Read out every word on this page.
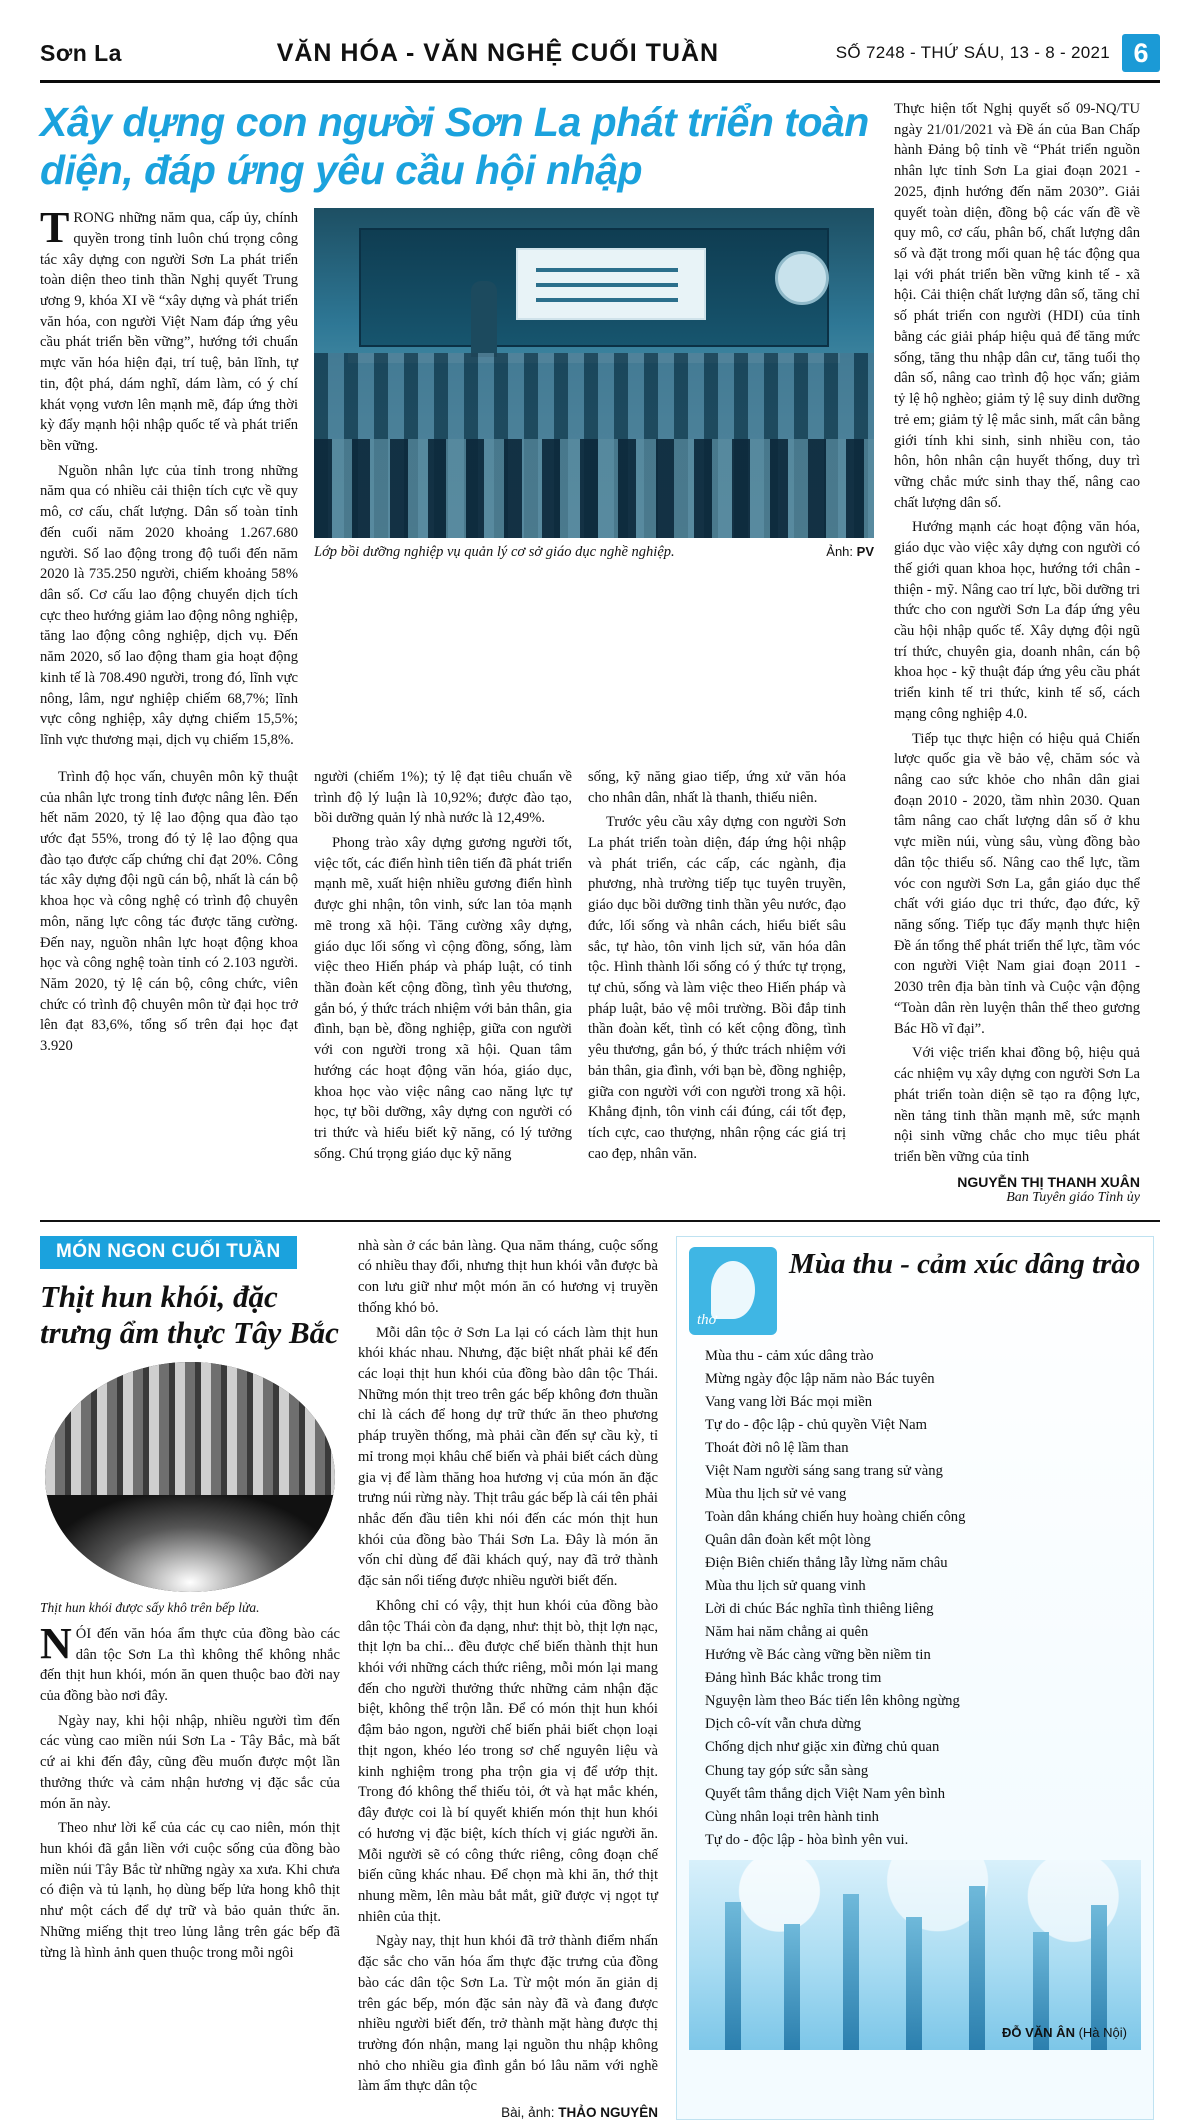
Sơn La	VĂN HÓA - VĂN NGHỆ CUỐI TUẦN	SỐ 7248 - THỨ SÁU, 13 - 8 - 2021 6
Xây dựng con người Sơn La phát triển toàn diện, đáp ứng yêu cầu hội nhập

TRONG những năm qua, cấp ủy, chính quyền trong tỉnh luôn chú trọng công tác xây dựng con người Sơn La phát triển toàn diện theo tinh thần Nghị quyết Trung ương 9, khóa XI về “xây dựng và phát triển văn hóa, con người Việt Nam đáp ứng yêu cầu phát triển bền vững”, hướng tới chuẩn mực văn hóa hiện đại, trí tuệ, bản lĩnh, tự tin, đột phá, dám nghĩ, dám làm, có ý chí khát vọng vươn lên mạnh mẽ, đáp ứng thời kỳ đẩy mạnh hội nhập quốc tế và phát triển bền vững.

Nguồn nhân lực của tỉnh trong những năm qua có nhiều cải thiện tích cực về quy mô, cơ cấu, chất lượng. Dân số toàn tỉnh đến cuối năm 2020 khoảng 1.267.680 người. Số lao động trong độ tuổi đến năm 2020 là 735.250 người, chiếm khoảng 58% dân số. Cơ cấu lao động chuyển dịch tích cực theo hướng giảm lao động nông nghiệp, tăng lao động công nghiệp, dịch vụ. Đến năm 2020, số lao động tham gia hoạt động kinh tế là 708.490 người, trong đó, lĩnh vực nông, lâm, ngư nghiệp chiếm 68,7%; lĩnh vực công nghiệp, xây dựng chiếm 15,5%; lĩnh vực thương mại, dịch vụ chiếm 15,8%.

Lớp bồi dưỡng nghiệp vụ quản lý cơ sở giáo dục nghề nghiệp.	Ảnh: PV

Trình độ học vấn, chuyên môn kỹ thuật của nhân lực trong tỉnh được nâng lên. Đến hết năm 2020, tỷ lệ lao động qua đào tạo ước đạt 55%, trong đó tỷ lệ lao động qua đào tạo được cấp chứng chỉ đạt 20%. Công tác xây dựng đội ngũ cán bộ, nhất là cán bộ khoa học và công nghệ có trình độ chuyên môn, năng lực công tác được tăng cường. Đến nay, nguồn nhân lực hoạt động khoa học và công nghệ toàn tỉnh có 2.103 người. Năm 2020, tỷ lệ cán bộ, công chức, viên chức có trình độ chuyên môn từ đại học trở lên đạt 83,6%, tổng số trên đại học đạt 3.920

người (chiếm 1%); tỷ lệ đạt tiêu chuẩn về trình độ lý luận là 10,92%; được đào tạo, bồi dưỡng quản lý nhà nước là 12,49%.

Phong trào xây dựng gương người tốt, việc tốt, các điển hình tiên tiến đã phát triển mạnh mẽ, xuất hiện nhiều gương điển hình được ghi nhận, tôn vinh, sức lan tỏa mạnh mẽ trong xã hội. Tăng cường xây dựng, giáo dục lối sống vì cộng đồng, sống, làm việc theo Hiến pháp và pháp luật, có tinh thần đoàn kết cộng đồng, tình yêu thương, gắn bó, ý thức trách nhiệm với bản thân, gia đình, bạn bè, đồng nghiệp, giữa con người với con người trong xã hội. Quan tâm hướng các hoạt động văn hóa, giáo dục, khoa học vào việc nâng cao năng lực tự học, tự bồi dưỡng, xây dựng con người có tri thức và hiểu biết kỹ năng, có lý tưởng sống. Chú trọng giáo dục kỹ năng

sống, kỹ năng giao tiếp, ứng xử văn hóa cho nhân dân, nhất là thanh, thiếu niên.

Trước yêu cầu xây dựng con người Sơn La phát triển toàn diện, đáp ứng hội nhập và phát triển, các cấp, các ngành, địa phương, nhà trường tiếp tục tuyên truyền, giáo dục bồi dưỡng tinh thần yêu nước, đạo đức, lối sống và nhân cách, hiểu biết sâu sắc, tự hào, tôn vinh lịch sử, văn hóa dân tộc. Hình thành lối sống có ý thức tự trọng, tự chủ, sống và làm việc theo Hiến pháp và pháp luật, bảo vệ môi trường. Bồi đắp tinh thần đoàn kết, tình có kết cộng đồng, tình yêu thương, gắn bó, ý thức trách nhiệm với bản thân, gia đình, với bạn bè, đồng nghiệp, giữa con người với con người trong xã hội. Khẳng định, tôn vinh cái đúng, cái tốt đẹp, tích cực, cao thượng, nhân rộng các giá trị cao đẹp, nhân văn.

Thực hiện tốt Nghị quyết số 09-NQ/TU ngày 21/01/2021 và Đề án của Ban Chấp hành Đảng bộ tỉnh về “Phát triển nguồn nhân lực tỉnh Sơn La giai đoạn 2021 - 2025, định hướng đến năm 2030”. Giải quyết toàn diện, đồng bộ các vấn đề về quy mô, cơ cấu, phân bố, chất lượng dân số và đặt trong mối quan hệ tác động qua lại với phát triển bền vững kinh tế - xã hội. Cải thiện chất lượng dân số, tăng chỉ số phát triển con người (HDI) của tỉnh bằng các giải pháp hiệu quả để tăng mức sống, tăng thu nhập dân cư, tăng tuổi thọ dân số, nâng cao trình độ học vấn; giảm tỷ lệ hộ nghèo; giảm tỷ lệ suy dinh dưỡng trẻ em; giảm tỷ lệ mắc sinh, mất cân bằng giới tính khi sinh, sinh nhiều con, tảo hôn, hôn nhân cận huyết thống, duy trì vững chắc mức sinh thay thế, nâng cao chất lượng dân số.

Hướng mạnh các hoạt động văn hóa, giáo dục vào việc xây dựng con người có thế giới quan khoa học, hướng tới chân - thiện - mỹ. Nâng cao trí lực, bồi dưỡng tri thức cho con người Sơn La đáp ứng yêu cầu hội nhập quốc tế. Xây dựng đội ngũ trí thức, chuyên gia, doanh nhân, cán bộ khoa học - kỹ thuật đáp ứng yêu cầu phát triển kinh tế tri thức, kinh tế số, cách mạng công nghiệp 4.0.

Tiếp tục thực hiện có hiệu quả Chiến lược quốc gia về bảo vệ, chăm sóc và nâng cao sức khỏe cho nhân dân giai đoạn 2010 - 2020, tầm nhìn 2030. Quan tâm nâng cao chất lượng dân số ở khu vực miền núi, vùng sâu, vùng đồng bào dân tộc thiểu số. Nâng cao thể lực, tầm vóc con người Sơn La, gắn giáo dục thể chất với giáo dục tri thức, đạo đức, kỹ năng sống. Tiếp tục đẩy mạnh thực hiện Đề án tổng thể phát triển thể lực, tầm vóc con người Việt Nam giai đoạn 2011 - 2030 trên địa bàn tỉnh và Cuộc vận động “Toàn dân rèn luyện thân thể theo gương Bác Hồ vĩ đại”.

Với việc triển khai đồng bộ, hiệu quả các nhiệm vụ xây dựng con người Sơn La phát triển toàn diện sẽ tạo ra động lực, nền tảng tinh thần mạnh mẽ, sức mạnh nội sinh vững chắc cho mục tiêu phát triển bền vững của tỉnh

NGUYỄN THỊ THANH XUÂN
Ban Tuyên giáo Tỉnh ủy
MÓN NGON CUỐI TUẦN
Thịt hun khói, đặc trưng ẩm thực Tây Bắc
Thịt hun khói được sấy khô trên bếp lửa.

NÓI đến văn hóa ẩm thực của đồng bào các dân tộc Sơn La thì không thể không nhắc đến thịt hun khói, món ăn quen thuộc bao đời nay của đồng bào nơi đây.

Ngày nay, khi hội nhập, nhiều người tìm đến các vùng cao miền núi Sơn La - Tây Bắc, mà bất cứ ai khi đến đây, cũng đều muốn được một lần thưởng thức và cảm nhận hương vị đặc sắc của món ăn này.

Theo như lời kể của các cụ cao niên, món thịt hun khói đã gắn liền với cuộc sống của đồng bào miền núi Tây Bắc từ những ngày xa xưa. Khi chưa có điện và tủ lạnh, họ dùng bếp lửa hong khô thịt như một cách để dự trữ và bảo quản thức ăn. Những miếng thịt treo lủng lẳng trên gác bếp đã từng là hình ảnh quen thuộc trong mỗi ngôi

nhà sàn ở các bản làng. Qua năm tháng, cuộc sống có nhiều thay đổi, nhưng thịt hun khói vẫn được bà con lưu giữ như một món ăn có hương vị truyền thống khó bỏ.

Mỗi dân tộc ở Sơn La lại có cách làm thịt hun khói khác nhau. Nhưng, đặc biệt nhất phải kể đến các loại thịt hun khói của đồng bào dân tộc Thái. Những món thịt treo trên gác bếp không đơn thuần chỉ là cách để hong dự trữ thức ăn theo phương pháp truyền thống, mà phải cần đến sự cầu kỳ, tỉ mỉ trong mọi khâu chế biến và phải biết cách dùng gia vị để làm thăng hoa hương vị của món ăn đặc trưng núi rừng này. Thịt trâu gác bếp là cái tên phải nhắc đến đầu tiên khi nói đến các món thịt hun khói của đồng bào Thái Sơn La. Đây là món ăn vốn chỉ dùng để đãi khách quý, nay đã trở thành đặc sản nổi tiếng được nhiều người biết đến.

Không chỉ có vậy, thịt hun khói của đồng bào dân tộc Thái còn đa dạng, như: thịt bò, thịt lợn nạc, thịt lợn ba chỉ... đều được chế biến thành thịt hun khói với những cách thức riêng, mỗi món lại mang đến cho người thưởng thức những cảm nhận đặc biệt, không thể trộn lẫn. Để có món thịt hun khói đậm bảo ngon, người chế biến phải biết chọn loại thịt ngon, khéo léo trong sơ chế nguyên liệu và kinh nghiệm trong pha trộn gia vị để ướp thịt. Trong đó không thể thiếu tỏi, ớt và hạt mắc khén, đây được coi là bí quyết khiến món thịt hun khói có hương vị đặc biệt, kích thích vị giác người ăn. Mỗi người sẽ có công thức riêng, công đoạn chế biến cũng khác nhau. Để chọn mà khi ăn, thớ thịt nhung mềm, lên màu bắt mắt, giữ được vị ngọt tự nhiên của thịt.

Ngày nay, thịt hun khói đã trở thành điểm nhấn đặc sắc cho văn hóa ẩm thực đặc trưng của đồng bào các dân tộc Sơn La. Từ một món ăn giản dị trên gác bếp, món đặc sản này đã và đang được nhiều người biết đến, trở thành mặt hàng được thị trường đón nhận, mang lại nguồn thu nhập không nhỏ cho nhiều gia đình gắn bó lâu năm với nghề làm ẩm thực dân tộc

Bài, ảnh: THẢO NGUYÊN
thơ
Mùa thu - cảm xúc dâng trào
Mùa thu - cảm xúc dâng trào
Mừng ngày độc lập năm nào Bác tuyên
Vang vang lời Bác mọi miền
Tự do - độc lập - chủ quyền Việt Nam
Thoát đời nô lệ lầm than
Việt Nam người sáng sang trang sử vàng
Mùa thu lịch sử vẻ vang
Toàn dân kháng chiến huy hoàng chiến công
Quân dân đoàn kết một lòng
Điện Biên chiến thắng lẫy lừng năm châu
Mùa thu lịch sử quang vinh
Lời di chúc Bác nghĩa tình thiêng liêng
Năm hai năm chẳng ai quên
Hướng về Bác càng vững bền niềm tin
Đảng hình Bác khắc trong tim
Nguyện làm theo Bác tiến lên không ngừng
Dịch cô-vít vẫn chưa dừng
Chống dịch như giặc xin đừng chủ quan
Chung tay góp sức sẵn sàng
Quyết tâm thắng dịch Việt Nam yên bình
Cùng nhân loại trên hành tinh
Tự do - độc lập - hòa bình yên vui.
ĐỖ VĂN ÂN (Hà Nội)
